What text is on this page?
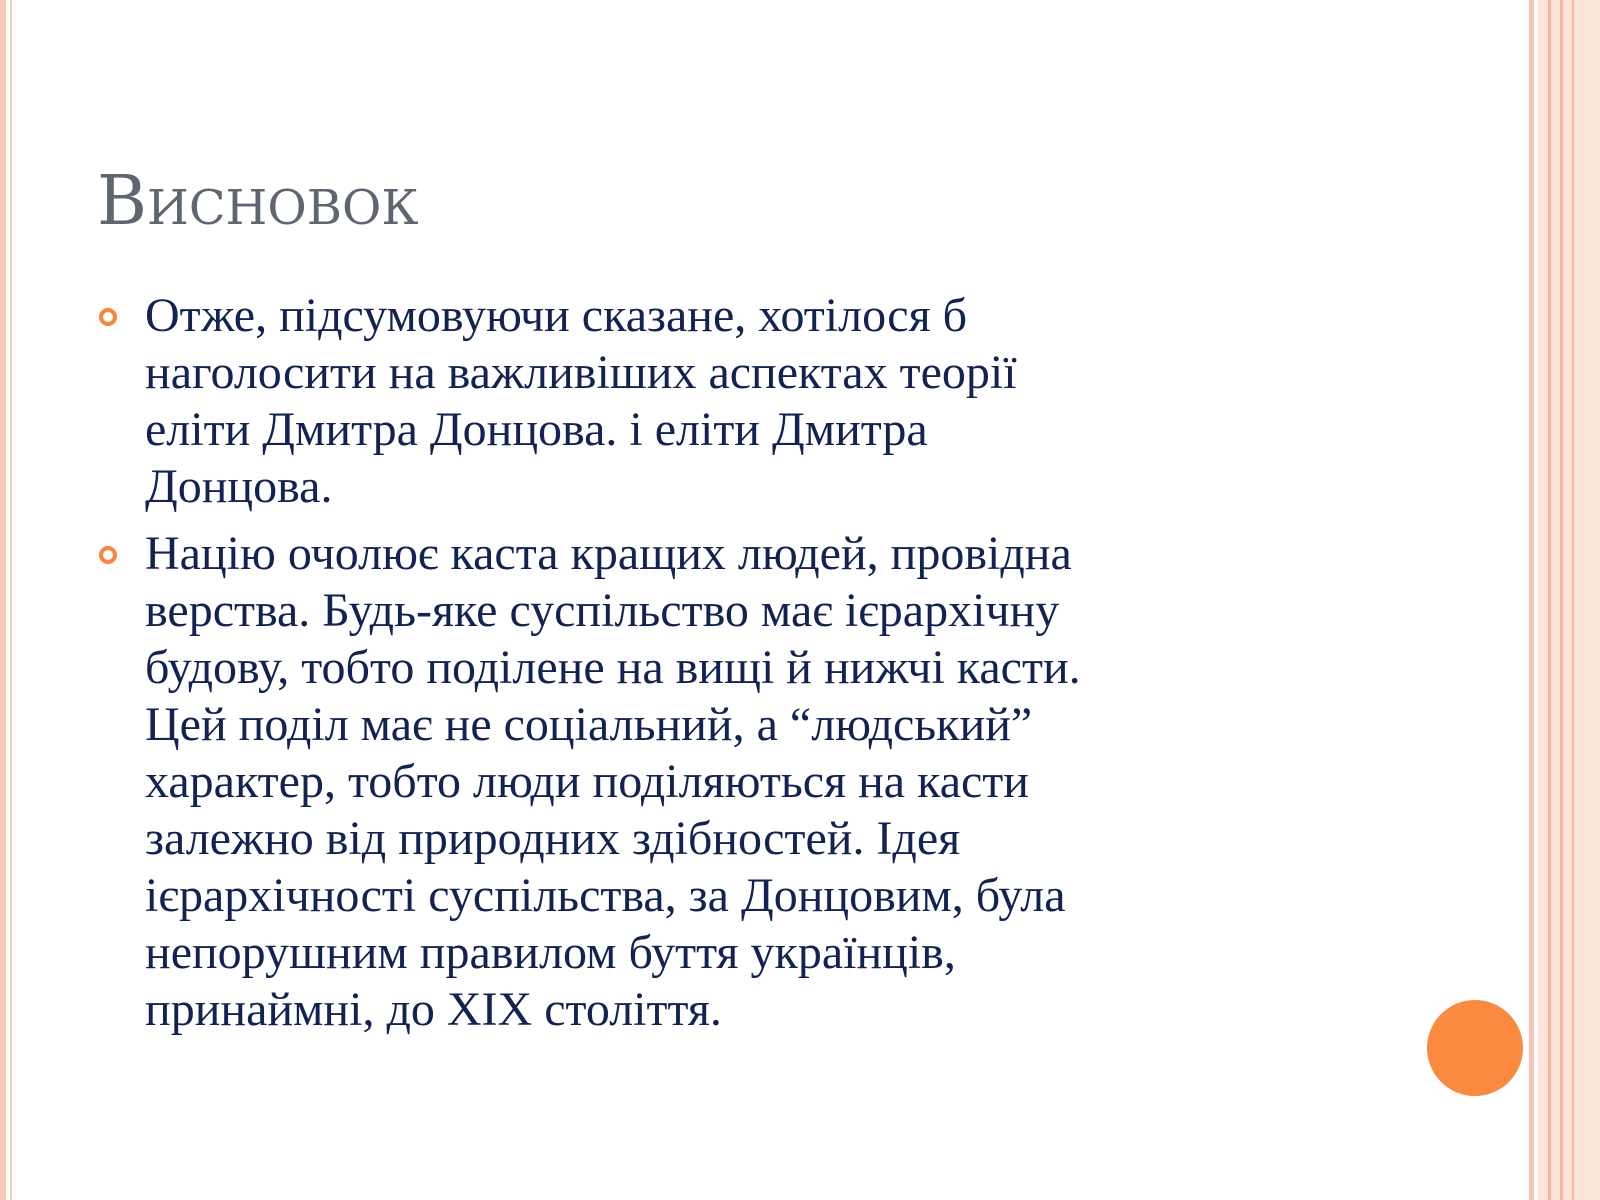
Висновок
Отже, підсумовуючи сказане, хотілося б
наголосити на важливіших аспектах теорії
еліти Дмитра Донцова. і еліти Дмитра
Донцова.
Націю очолює каста кращих людей, провідна
верства. Будь-яке суспільство має ієрархічну
будову, тобто поділене на вищі й нижчі касти.
Цей поділ має не соціальний, а “людський”
характер, тобто люди поділяються на касти
залежно від природних здібностей. Ідея
ієрархічності суспільства, за Донцовим, була
непорушним правилом буття українців,
принаймні, до XIX століття.
